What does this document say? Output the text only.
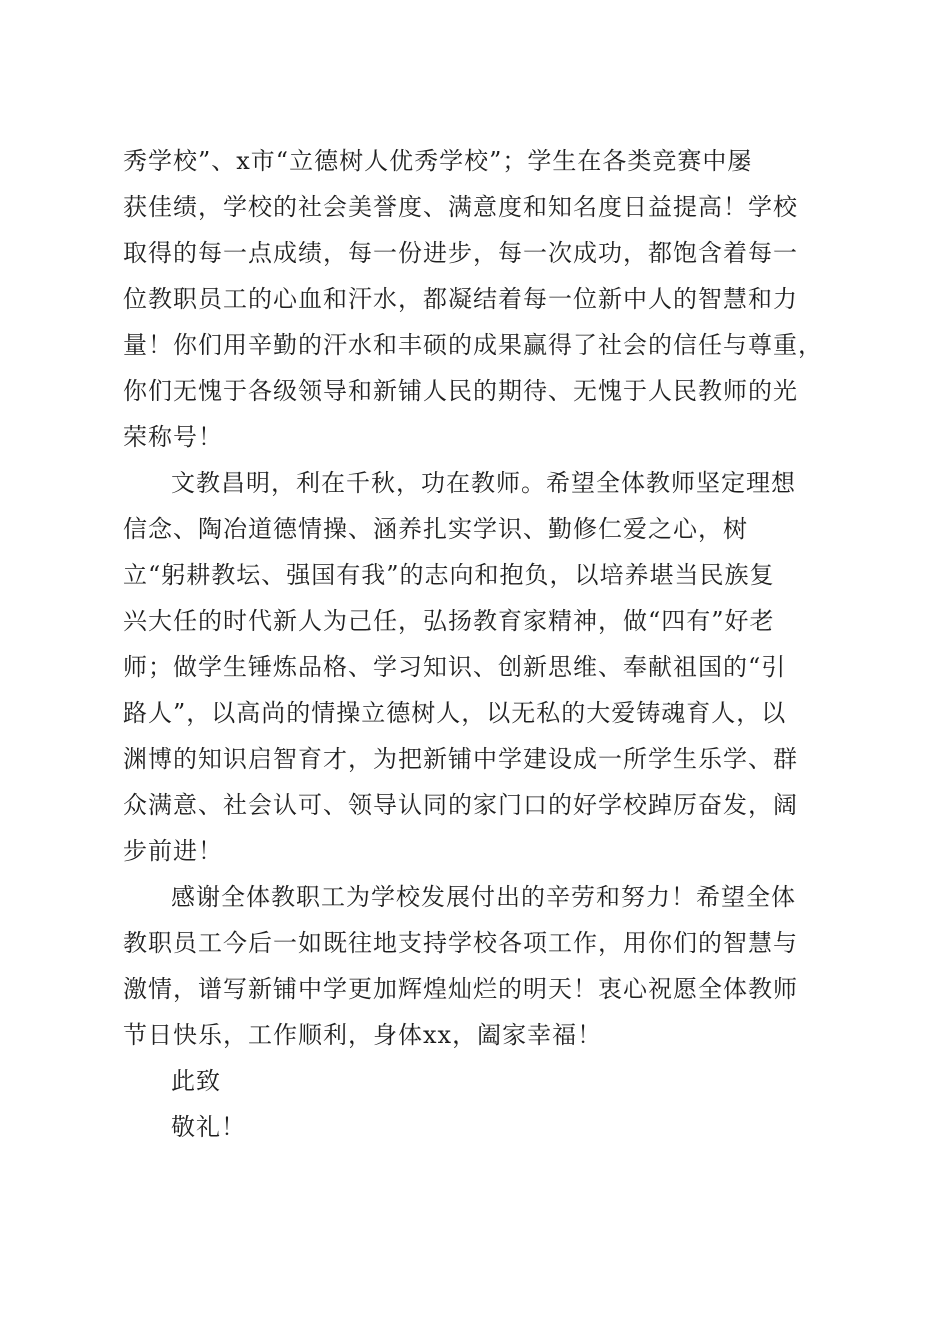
秀学校”、x市“立德树人优秀学校”；学生在各类竞赛中屡
获佳绩，学校的社会美誉度、满意度和知名度日益提高！学校
取得的每一点成绩，每一份进步，每一次成功，都饱含着每一
位教职员工的心血和汗水，都凝结着每一位新中人的智慧和力
量！你们用辛勤的汗水和丰硕的成果赢得了社会的信任与尊重，
你们无愧于各级领导和新铺人民的期待、无愧于人民教师的光
荣称号！
文教昌明，利在千秋，功在教师。希望全体教师坚定理想
信念、陶冶道德情操、涵养扎实学识、勤修仁爱之心，树
立“躬耕教坛、强国有我”的志向和抱负，以培养堪当民族复
兴大任的时代新人为己任，弘扬教育家精神，做“四有”好老
师；做学生锤炼品格、学习知识、创新思维、奉献祖国的“引
路人”，以高尚的情操立德树人，以无私的大爱铸魂育人，以
渊博的知识启智育才，为把新铺中学建设成一所学生乐学、群
众满意、社会认可、领导认同的家门口的好学校踔厉奋发，阔
步前进！
感谢全体教职工为学校发展付出的辛劳和努力！希望全体
教职员工今后一如既往地支持学校各项工作，用你们的智慧与
激情，谱写新铺中学更加辉煌灿烂的明天！衷心祝愿全体教师
节日快乐，工作顺利，身体xx，阖家幸福！
此致
敬礼！
